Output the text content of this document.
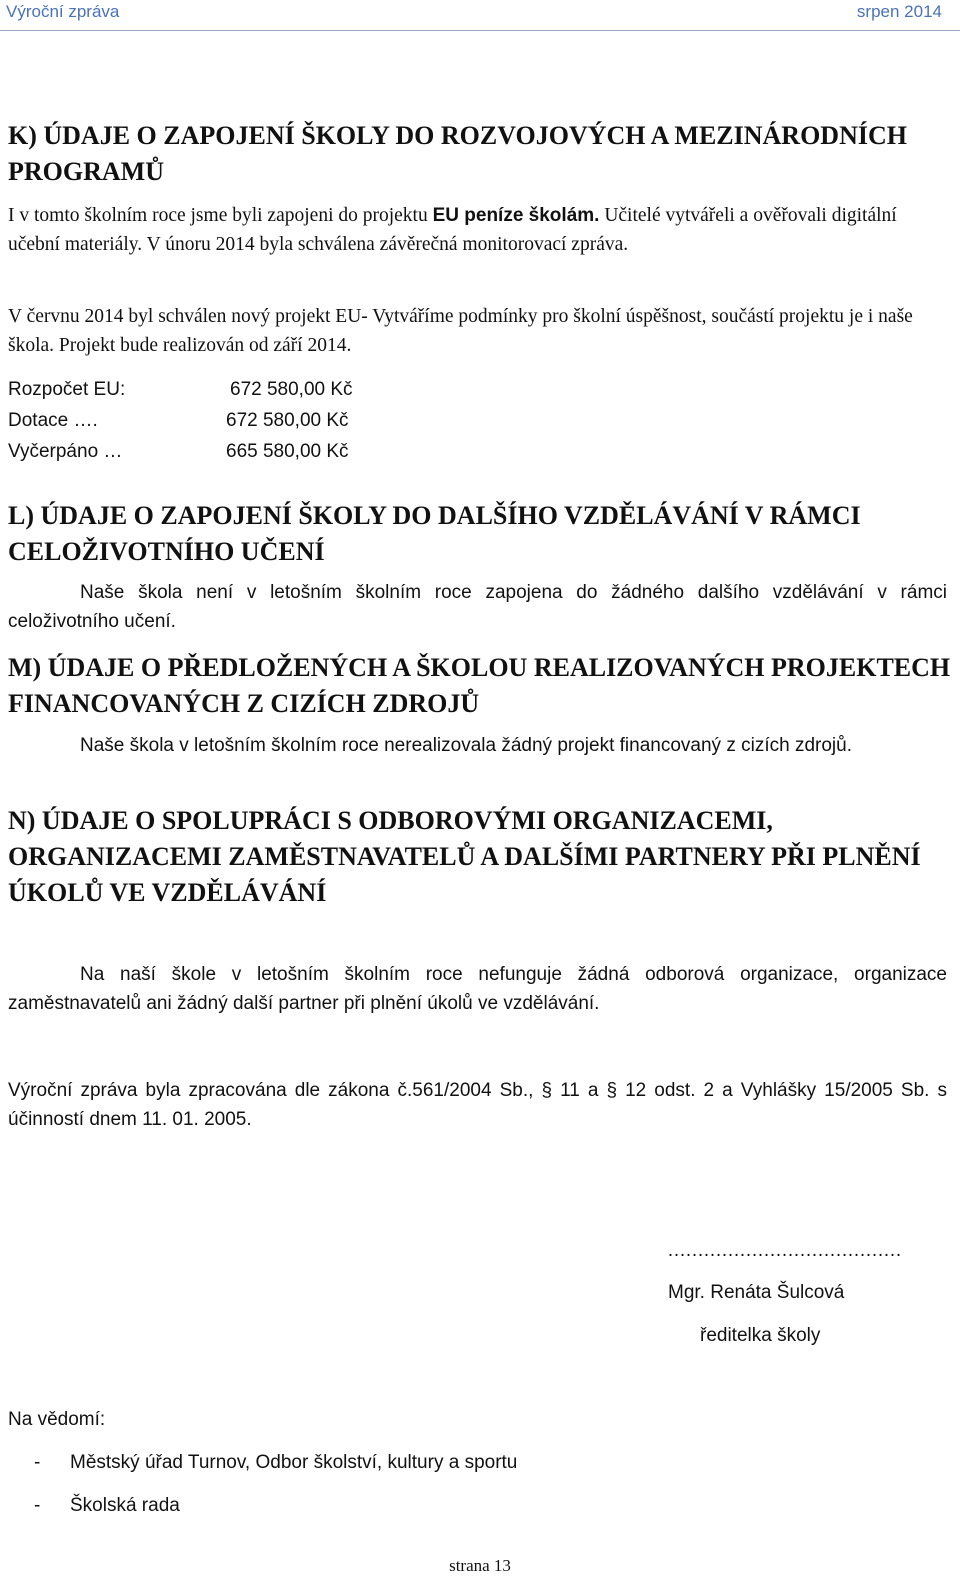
Výroční zpráva	srpen 2014
K) ÚDAJE O ZAPOJENÍ ŠKOLY DO ROZVOJOVÝCH A MEZINÁRODNÍCH PROGRAMŮ
I v tomto školním roce jsme byli zapojeni do projektu EU peníze školám. Učitelé vytvářeli a ověřovali digitální učební materiály. V únoru 2014 byla schválena závěrečná monitorovací zpráva.
V červnu 2014 byl schválen nový projekt EU- Vytváříme podmínky pro školní úspěšnost, součástí projektu je i naše škola. Projekt bude realizován od září 2014.
Rozpočet EU:	672 580,00 Kč
Dotace ….	672 580,00 Kč
Vyčerpáno …	665 580,00 Kč
L) ÚDAJE O ZAPOJENÍ ŠKOLY DO DALŠÍHO VZDĚLÁVÁNÍ V RÁMCI CELOŽIVOTNÍHO UČENÍ
Naše škola není v letošním školním roce zapojena do žádného dalšího vzdělávání v rámci celoživotního učení.
M) ÚDAJE O PŘEDLOŽENÝCH A ŠKOLOU REALIZOVANÝCH PROJEKTECH FINANCOVANÝCH Z CIZÍCH ZDROJŮ
Naše škola v letošním školním roce nerealizovala žádný projekt financovaný z cizích zdrojů.
N) ÚDAJE O SPOLUPRÁCI S ODBOROVÝMI ORGANIZACEMI, ORGANIZACEMI ZAMĚSTNAVATELŮ A DALŠÍMI PARTNERY PŘI PLNĚNÍ ÚKOLŮ VE VZDĚLÁVÁNÍ
Na naší škole v letošním školním roce nefunguje žádná odborová organizace, organizace zaměstnavatelů ani žádný další partner při plnění úkolů ve vzdělávání.
Výroční zpráva byla zpracována dle zákona č.561/2004 Sb., § 11 a § 12 odst. 2 a Vyhlášky 15/2005 Sb. s účinností dnem 11. 01. 2005.
…………………………………
Mgr. Renáta Šulcová
ředitelka školy
Na vědomí:
- Městský úřad Turnov, Odbor školství, kultury a sportu
- Školská rada
strana 13
